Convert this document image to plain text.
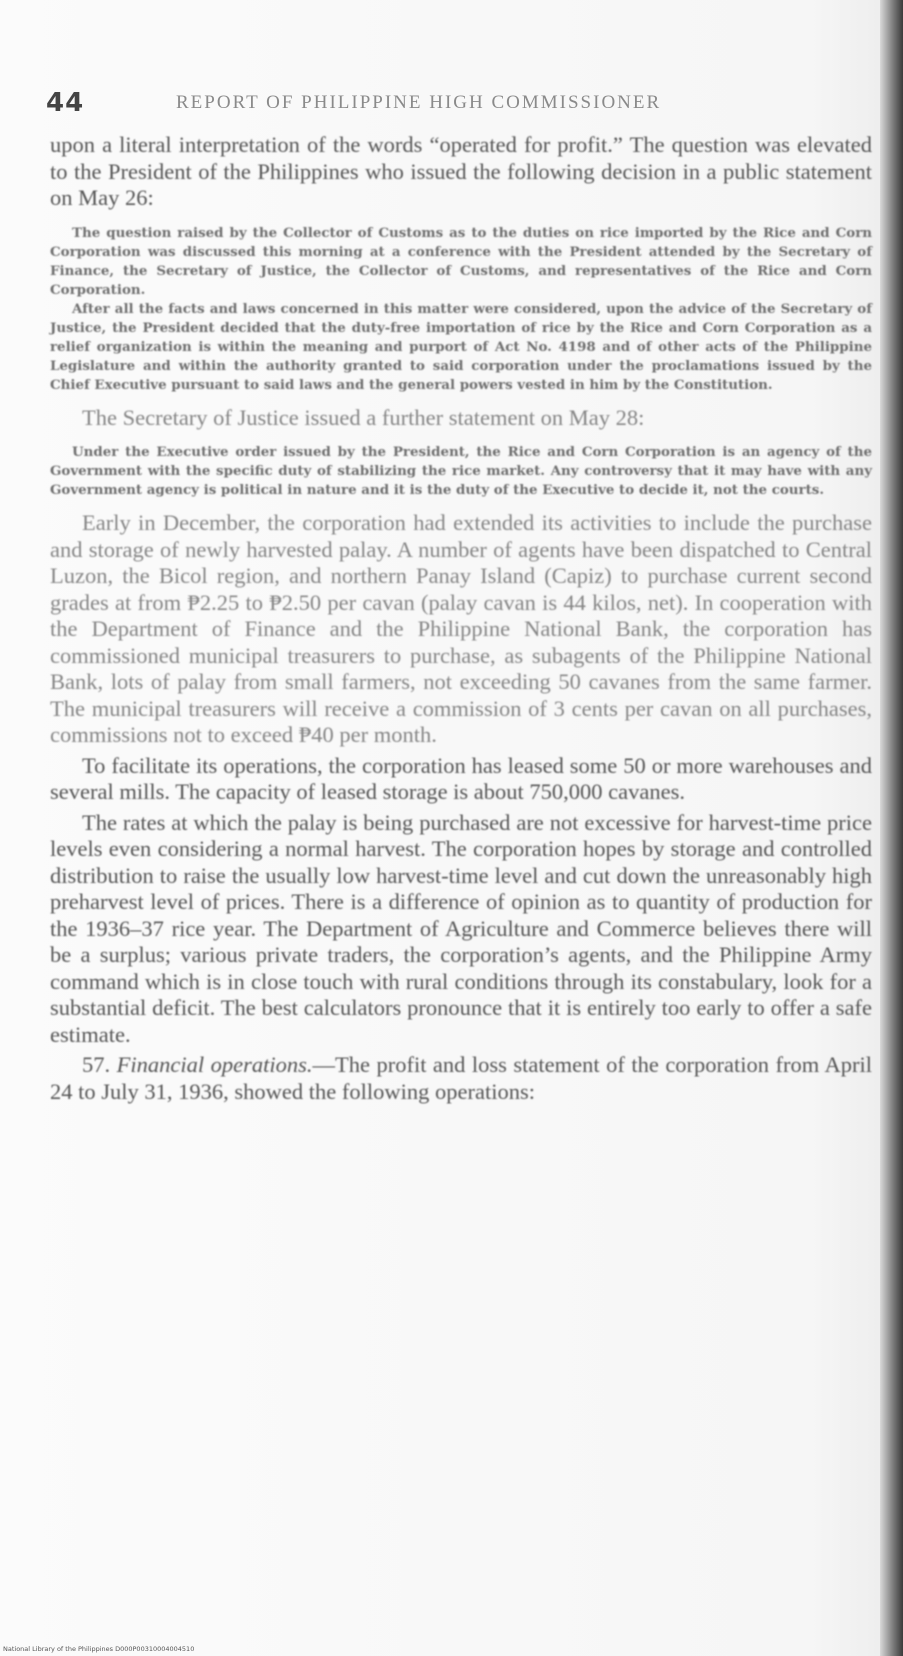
44	REPORT OF PHILIPPINE HIGH COMMISSIONER

upon a literal interpretation of the words “operated for profit.” The question was elevated to the President of the Philippines who issued the following decision in a public statement on May 26:

The question raised by the Collector of Customs as to the duties on rice imported by the Rice and Corn Corporation was discussed this morning at a conference with the President attended by the Secretary of Finance, the Secretary of Justice, the Collector of Customs, and representatives of the Rice and Corn Corporation.

After all the facts and laws concerned in this matter were considered, upon the advice of the Secretary of Justice, the President decided that the duty-free importation of rice by the Rice and Corn Corporation as a relief organization is within the meaning and purport of Act No. 4198 and of other acts of the Philippine Legislature and within the authority granted to said corporation under the proclamations issued by the Chief Executive pursuant to said laws and the general powers vested in him by the Constitution.

The Secretary of Justice issued a further statement on May 28:

Under the Executive order issued by the President, the Rice and Corn Corporation is an agency of the Government with the specific duty of stabilizing the rice market. Any controversy that it may have with any Government agency is political in nature and it is the duty of the Executive to decide it, not the courts.

Early in December, the corporation had extended its activities to include the purchase and storage of newly harvested palay. A number of agents have been dispatched to Central Luzon, the Bicol region, and northern Panay Island (Capiz) to purchase current second grades at from ₱2.25 to ₱2.50 per cavan (palay cavan is 44 kilos, net). In cooperation with the Department of Finance and the Philippine National Bank, the corporation has commissioned municipal treasurers to purchase, as subagents of the Philippine National Bank, lots of palay from small farmers, not exceeding 50 cavanes from the same farmer. The municipal treasurers will receive a commission of 3 cents per cavan on all purchases, commissions not to exceed ₱40 per month.

To facilitate its operations, the corporation has leased some 50 or more warehouses and several mills. The capacity of leased storage is about 750,000 cavanes.

The rates at which the palay is being purchased are not excessive for harvest-time price levels even considering a normal harvest. The corporation hopes by storage and controlled distribution to raise the usually low harvest-time level and cut down the unreasonably high preharvest level of prices. There is a difference of opinion as to quantity of production for the 1936–37 rice year. The Department of Agriculture and Commerce believes there will be a surplus; various private traders, the corporation’s agents, and the Philippine Army command which is in close touch with rural conditions through its constabulary, look for a substantial deficit. The best calculators pronounce that it is entirely too early to offer a safe estimate.

57. Financial operations.—The profit and loss statement of the corporation from April 24 to July 31, 1936, showed the following operations:

National Library of the Philippines D000P00310004004510
